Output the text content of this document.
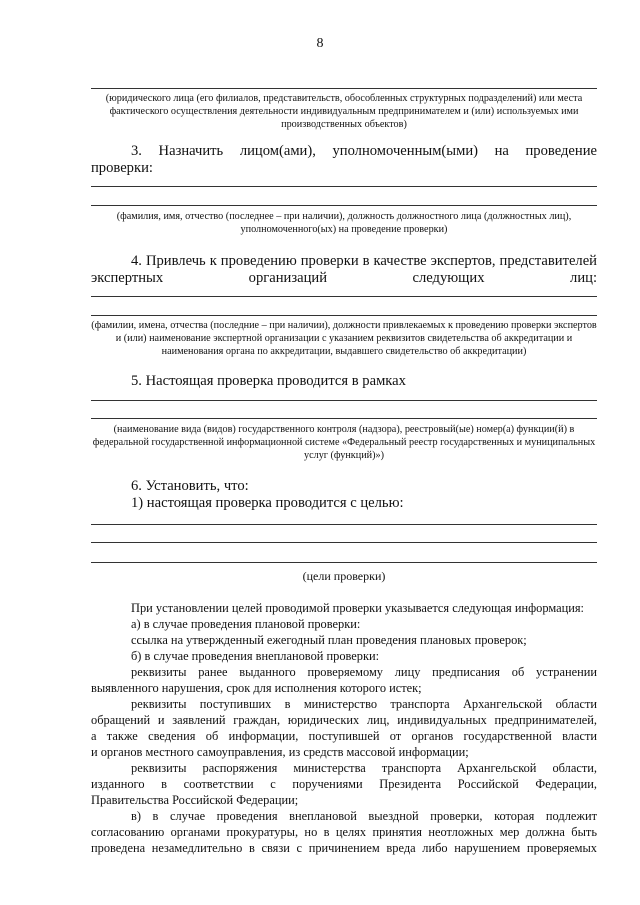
8
(юридического лица (его филиалов, представительств, обособленных структурных подразделений) или места фактического осуществления деятельности индивидуальным предпринимателем и (или) используемых ими производственных объектов)
3. Назначить лицом(ами), уполномоченным(ыми) на проведение проверки:
(фамилия, имя, отчество (последнее – при наличии), должность должностного лица (должностных лиц), уполномоченного(ых) на проведение проверки)
4. Привлечь к проведению проверки в качестве экспертов, представителей экспертных организаций следующих лиц:
(фамилии, имена, отчества (последние – при наличии), должности привлекаемых к проведению проверки экспертов и (или) наименование экспертной организации с указанием реквизитов свидетельства об аккредитации и наименования органа по аккредитации, выдавшего свидетельство об аккредитации)
5. Настоящая проверка проводится в рамках
(наименование вида (видов) государственного контроля (надзора), реестровый(ые) номер(а) функции(й) в федеральной государственной информационной системе «Федеральный реестр государственных и муниципальных услуг (функций)»)
6. Установить, что:
1) настоящая проверка проводится с целью:
(цели проверки)
При установлении целей проводимой проверки указывается следующая информация:
а) в случае проведения плановой проверки:
ссылка на утвержденный ежегодный план проведения плановых проверок;
б) в случае проведения внеплановой проверки:
реквизиты ранее выданного проверяемому лицу предписания об устранении
выявленного нарушения, срок для исполнения которого истек;
реквизиты поступивших в министерство транспорта Архангельской области
обращений и заявлений граждан, юридических лиц, индивидуальных предпринимателей,
а также сведения об информации, поступившей от органов государственной власти
и органов местного самоуправления, из средств массовой информации;
реквизиты распоряжения министерства транспорта Архангельской области,
изданного в соответствии с поручениями Президента Российской Федерации,
Правительства Российской Федерации;
в) в случае проведения внеплановой выездной проверки, которая подлежит
согласованию органами прокуратуры, но в целях принятия неотложных мер должна быть
проведена незамедлительно в связи с причинением вреда либо нарушением проверяемых
